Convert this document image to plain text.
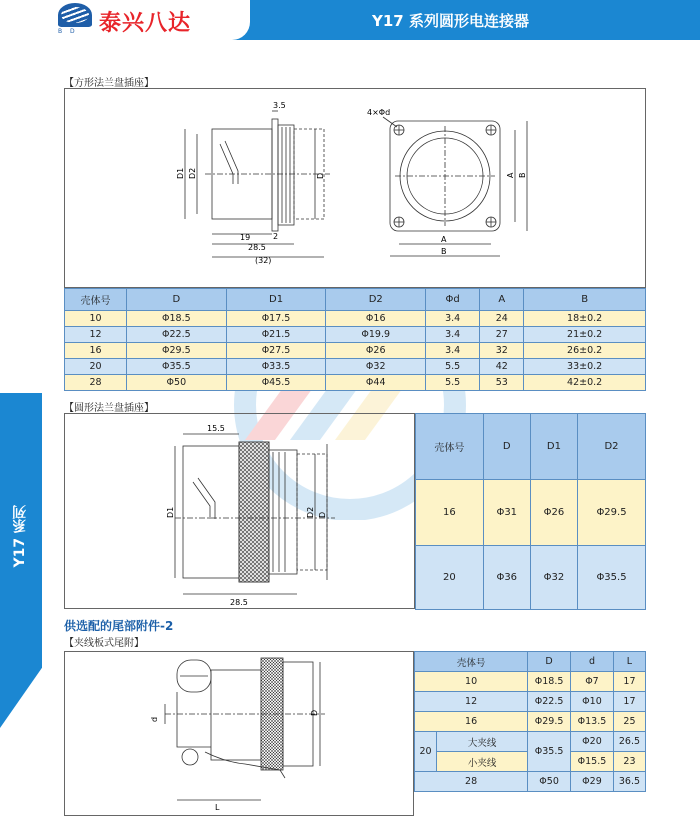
B D 泰兴八达	Y17 系列圆形电连接器
Y17 系列
【方形法兰盘插座】
3.5
19
28.5
(32)
2
D1 D2	D
4×Φd
A
B
A B
壳体号	D	D1	D2	Φd	A	B
10	Φ18.5	Φ17.5	Φ16	3.4	24	18±0.2
12	Φ22.5	Φ21.5	Φ19.9	3.4	27	21±0.2
16	Φ29.5	Φ27.5	Φ26	3.4	32	26±0.2
20	Φ35.5	Φ33.5	Φ32	5.5	42	33±0.2
28	Φ50	Φ45.5	Φ44	5.5	53	42±0.2
【圆形法兰盘插座】
15.5
28.5
D1	D2 D
壳体号	D	D1	D2
16	Φ31	Φ26	Φ29.5
20	Φ36	Φ32	Φ35.5
供选配的尾部附件-2
【夹线板式尾附】
d
D
L
壳体号		D	d	L
10		Φ18.5	Φ7	17
12		Φ22.5	Φ10	17
16		Φ29.5	Φ13.5	25
20	大夹线	Φ35.5	Φ20	26.5
	小夹线		Φ15.5	23
28		Φ50	Φ29	36.5
